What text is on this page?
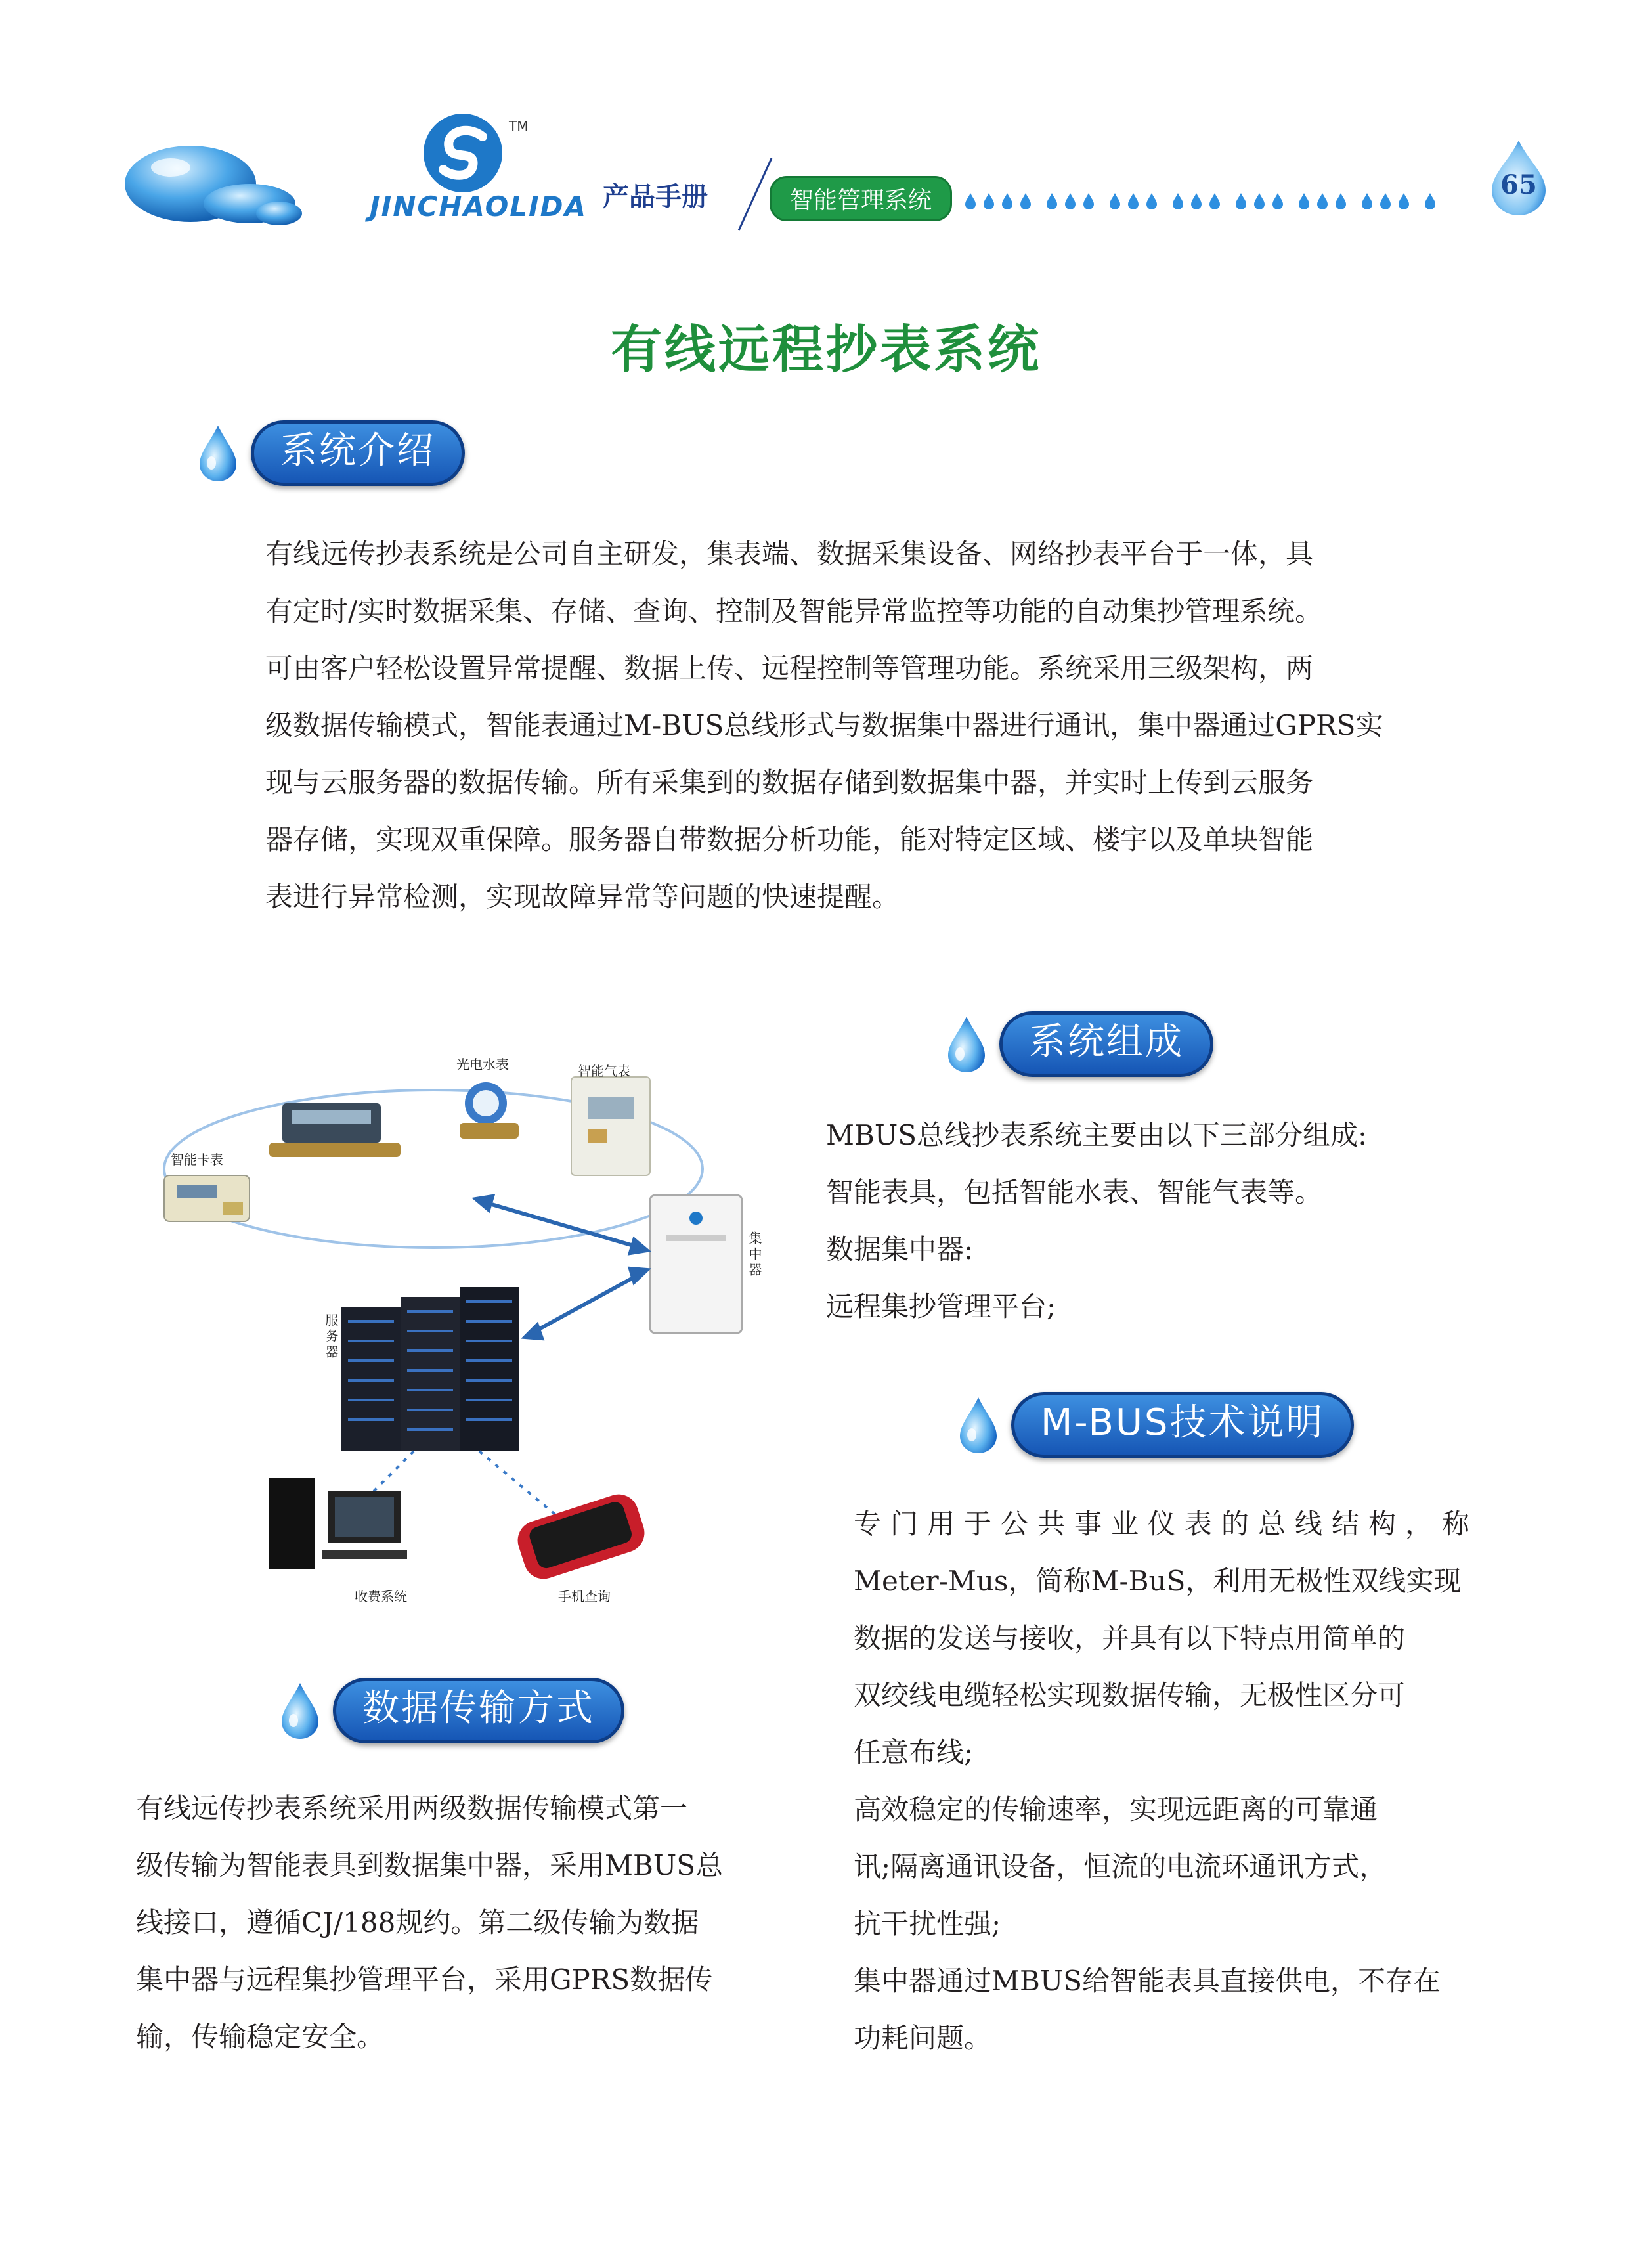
TM
JINCHAOLIDA 产品手册	智能管理系统
65
有线远程抄表系统
系统介绍

有线远传抄表系统是公司自主研发，集表端、数据采集设备、网络抄表平台于一体，具

有定时/实时数据采集、存储、查询、控制及智能异常监控等功能的自动集抄管理系统。

可由客户轻松设置异常提醒、数据上传、远程控制等管理功能。系统采用三级架构，两

级数据传输模式，智能表通过M-BUS总线形式与数据集中器进行通讯，集中器通过GPRS实

现与云服务器的数据传输。所有采集到的数据存储到数据集中器，并实时上传到云服务

器存储，实现双重保障。服务器自带数据分析功能，能对特定区域、楼宇以及单块智能

表进行异常检测，实现故障异常等问题的快速提醒。

光电水表	智能气表
智能卡表
集中器
服务器
收费系统	手机查询
系统组成

MBUS总线抄表系统主要由以下三部分组成:

智能表具，包括智能水表、智能气表等。

数据集中器:

远程集抄管理平台;

M-BUS技术说明

专门用于公共事业仪表的总线结构，称

Meter-Mus，简称M-BuS，利用无极性双线实现

数据的发送与接收，并具有以下特点用简单的

双绞线电缆轻松实现数据传输，无极性区分可

任意布线;

高效稳定的传输速率，实现远距离的可靠通

讯;隔离通讯设备，恒流的电流环通讯方式，

抗干扰性强;

集中器通过MBUS给智能表具直接供电，不存在

功耗问题。

数据传输方式

有线远传抄表系统采用两级数据传输模式第一

级传输为智能表具到数据集中器，采用MBUS总

线接口，遵循CJ/188规约。第二级传输为数据

集中器与远程集抄管理平台，采用GPRS数据传

输，传输稳定安全。
